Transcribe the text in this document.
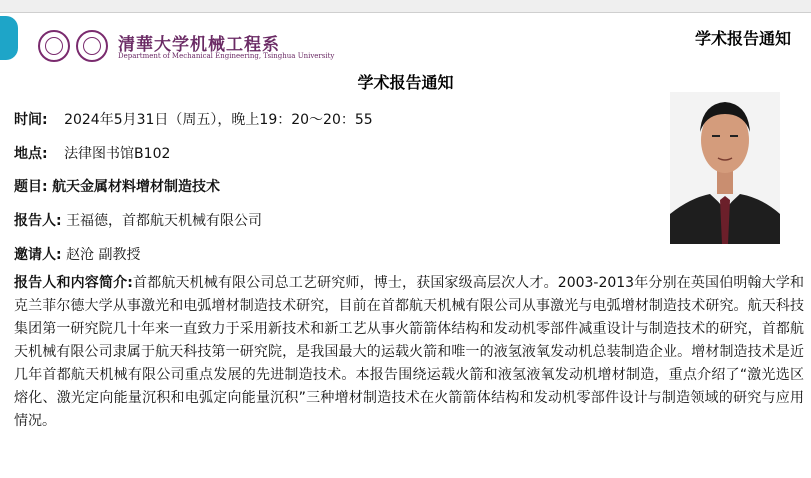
清華大学机械工程系
Department of Mechanical Engineering, Tsinghua University
学术报告通知
学术报告通知
时间: 2024年5月31日（周五），晚上19：20～20：55
地点: 法律图书馆B102
题目: 航天金属材料增材制造技术
报告人: 王福德，首都航天机械有限公司
邀请人: 赵沧 副教授
报告人和内容简介:首都航天机械有限公司总工艺研究师，博士，获国家级高层次人才。2003-2013年分别在英国伯明翰大学和克兰菲尔德大学从事激光和电弧增材制造技术研究，目前在首都航天机械有限公司从事激光与电弧增材制造技术研究。航天科技集团第一研究院几十年来一直致力于采用新技术和新工艺从事火箭箭体结构和发动机零部件减重设计与制造技术的研究，首都航天机械有限公司隶属于航天科技第一研究院，是我国最大的运载火箭和唯一的液氢液氧发动机总装制造企业。增材制造技术是近几年首都航天机械有限公司重点发展的先进制造技术。本报告围绕运载火箭和液氢液氧发动机增材制造，重点介绍了“激光选区熔化、激光定向能量沉积和电弧定向能量沉积”三种增材制造技术在火箭箭体结构和发动机零部件设计与制造领域的研究与应用情况。
